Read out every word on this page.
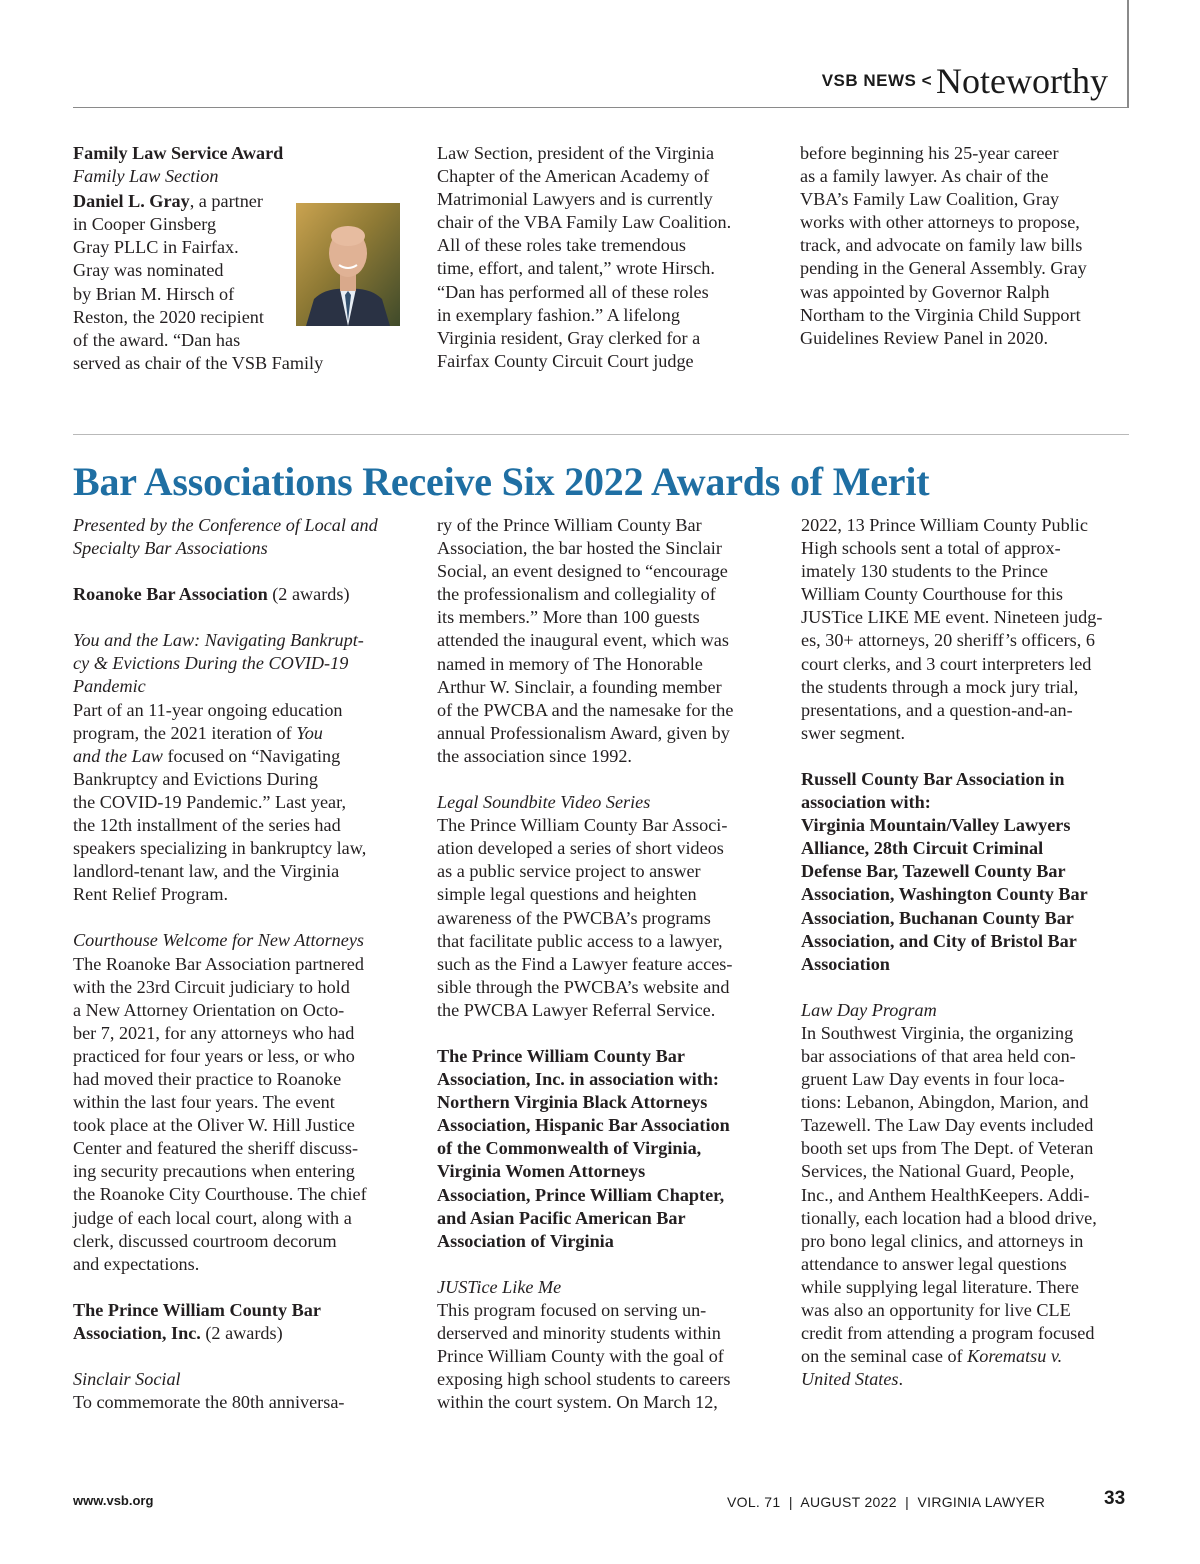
VSB NEWS < Noteworthy

Family Law Service Award

Family Law Section

Daniel L. Gray, a partner

in Cooper Ginsberg

Gray PLLC in Fairfax.

Gray was nominated

by Brian M. Hirsch of

Reston, the 2020 recipient

of the award. “Dan has

served as chair of the VSB Family

Law Section, president of the Virginia

Chapter of the American Academy of

Matrimonial Lawyers and is currently

chair of the VBA Family Law Coalition.

All of these roles take tremendous

time, effort, and talent,” wrote Hirsch.

“Dan has performed all of these roles

in exemplary fashion.” A lifelong

Virginia resident, Gray clerked for a

Fairfax County Circuit Court judge

before beginning his 25-year career

as a family lawyer. As chair of the

VBA’s Family Law Coalition, Gray

works with other attorneys to propose,

track, and advocate on family law bills

pending in the General Assembly. Gray

was appointed by Governor Ralph

Northam to the Virginia Child Support

Guidelines Review Panel in 2020.

Bar Associations Receive Six 2022 Awards of Merit

Presented by the Conference of Local and

Specialty Bar Associations

Roanoke Bar Association (2 awards)

You and the Law: Navigating Bankrupt-

cy & Evictions During the COVID-19

Pandemic

Part of an 11-year ongoing education

program, the 2021 iteration of You

and the Law focused on “Navigating

Bankruptcy and Evictions During

the COVID-19 Pandemic.” Last year,

the 12th installment of the series had

speakers specializing in bankruptcy law,

landlord-tenant law, and the Virginia

Rent Relief Program.

Courthouse Welcome for New Attorneys

The Roanoke Bar Association partnered

with the 23rd Circuit judiciary to hold

a New Attorney Orientation on Octo-

ber 7, 2021, for any attorneys who had

practiced for four years or less, or who

had moved their practice to Roanoke

within the last four years. The event

took place at the Oliver W. Hill Justice

Center and featured the sheriff discuss-

ing security precautions when entering

the Roanoke City Courthouse. The chief

judge of each local court, along with a

clerk, discussed courtroom decorum

and expectations.

The Prince William County Bar

Association, Inc. (2 awards)

Sinclair Social

To commemorate the 80th anniversa-

ry of the Prince William County Bar

Association, the bar hosted the Sinclair

Social, an event designed to “encourage

the professionalism and collegiality of

its members.” More than 100 guests

attended the inaugural event, which was

named in memory of The Honorable

Arthur W. Sinclair, a founding member

of the PWCBA and the namesake for the

annual Professionalism Award, given by

the association since 1992.

Legal Soundbite Video Series

The Prince William County Bar Associ-

ation developed a series of short videos

as a public service project to answer

simple legal questions and heighten

awareness of the PWCBA’s programs

that facilitate public access to a lawyer,

such as the Find a Lawyer feature acces-

sible through the PWCBA’s website and

the PWCBA Lawyer Referral Service.

The Prince William County Bar

Association, Inc. in association with:

Northern Virginia Black Attorneys

Association, Hispanic Bar Association

of the Commonwealth of Virginia,

Virginia Women Attorneys

Association, Prince William Chapter,

and Asian Pacific American Bar

Association of Virginia

JUSTice Like Me

This program focused on serving un-

derserved and minority students within

Prince William County with the goal of

exposing high school students to careers

within the court system. On March 12,

2022, 13 Prince William County Public

High schools sent a total of approx-

imately 130 students to the Prince

William County Courthouse for this

JUSTice LIKE ME event. Nineteen judg-

es, 30+ attorneys, 20 sheriff’s officers, 6

court clerks, and 3 court interpreters led

the students through a mock jury trial,

presentations, and a question-and-an-

swer segment.

Russell County Bar Association in

association with:

Virginia Mountain/Valley Lawyers

Alliance, 28th Circuit Criminal

Defense Bar, Tazewell County Bar

Association, Washington County Bar

Association, Buchanan County Bar

Association, and City of Bristol Bar

Association

Law Day Program

In Southwest Virginia, the organizing

bar associations of that area held con-

gruent Law Day events in four loca-

tions: Lebanon, Abingdon, Marion, and

Tazewell. The Law Day events included

booth set ups from The Dept. of Veteran

Services, the National Guard, People,

Inc., and Anthem HealthKeepers. Addi-

tionally, each location had a blood drive,

pro bono legal clinics, and attorneys in

attendance to answer legal questions

while supplying legal literature. There

was also an opportunity for live CLE

credit from attending a program focused

on the seminal case of Korematsu v.

United States.

www.vsb.org	VOL. 71  |  AUGUST 2022  |  VIRGINIA LAWYER	33
